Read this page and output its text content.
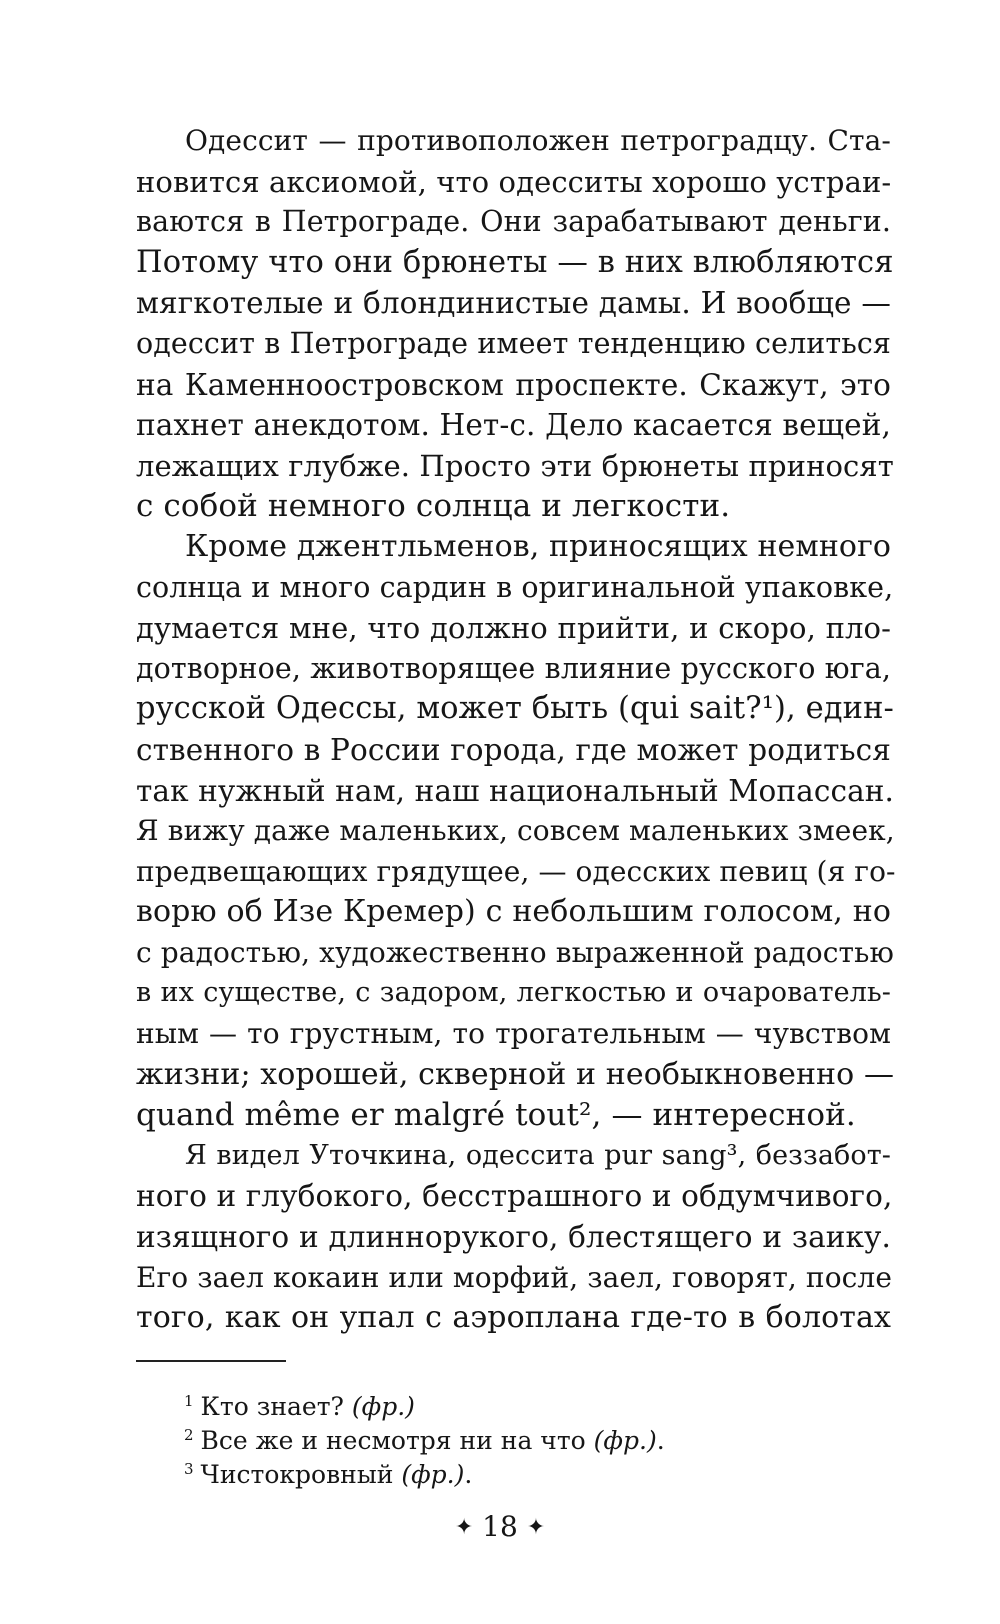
Одессит — противоположен петроградцу. Ста-
новится аксиомой, что одесситы хорошо устраи-
ваются в Петрограде. Они зарабатывают деньги.
Потому что они брюнеты — в них влюбляются
мягкотелые и блондинистые дамы. И вообще —
одессит в Петрограде имеет тенденцию селиться
на Каменноостровском проспекте. Скажут, это
пахнет анекдотом. Нет-с. Дело касается вещей,
лежащих глубже. Просто эти брюнеты приносят
с собой немного солнца и легкости.
Кроме джентльменов, приносящих немного
солнца и много сардин в оригинальной упаковке,
думается мне, что должно прийти, и скоро, пло-
дотворное, животворящее влияние русского юга,
русской Одессы, может быть (qui sait?¹), един-
ственного в России города, где может родиться
так нужный нам, наш национальный Мопассан.
Я вижу даже маленьких, совсем маленьких змеек,
предвещающих грядущее, — одесских певиц (я го-
ворю об Изе Кремер) с небольшим голосом, но
с радостью, художественно выраженной радостью
в их существе, с задором, легкостью и очарователь-
ным — то грустным, то трогательным — чувством
жизни; хорошей, скверной и необыкновенно —
quand même er malgré tout², — интересной.
Я видел Уточкина, одессита pur sang³, беззабот-
ного и глубокого, бесстрашного и обдумчивого,
изящного и длиннорукого, блестящего и заику.
Его заел кокаин или морфий, заел, говорят, после
того, как он упал с аэроплана где-то в болотах
$^1$ Кто знает? (фр.)
$^2$ Все же и несмотря ни на что (фр.).
$^3$ Чистокровный (фр.).
✦ 18 ✦
